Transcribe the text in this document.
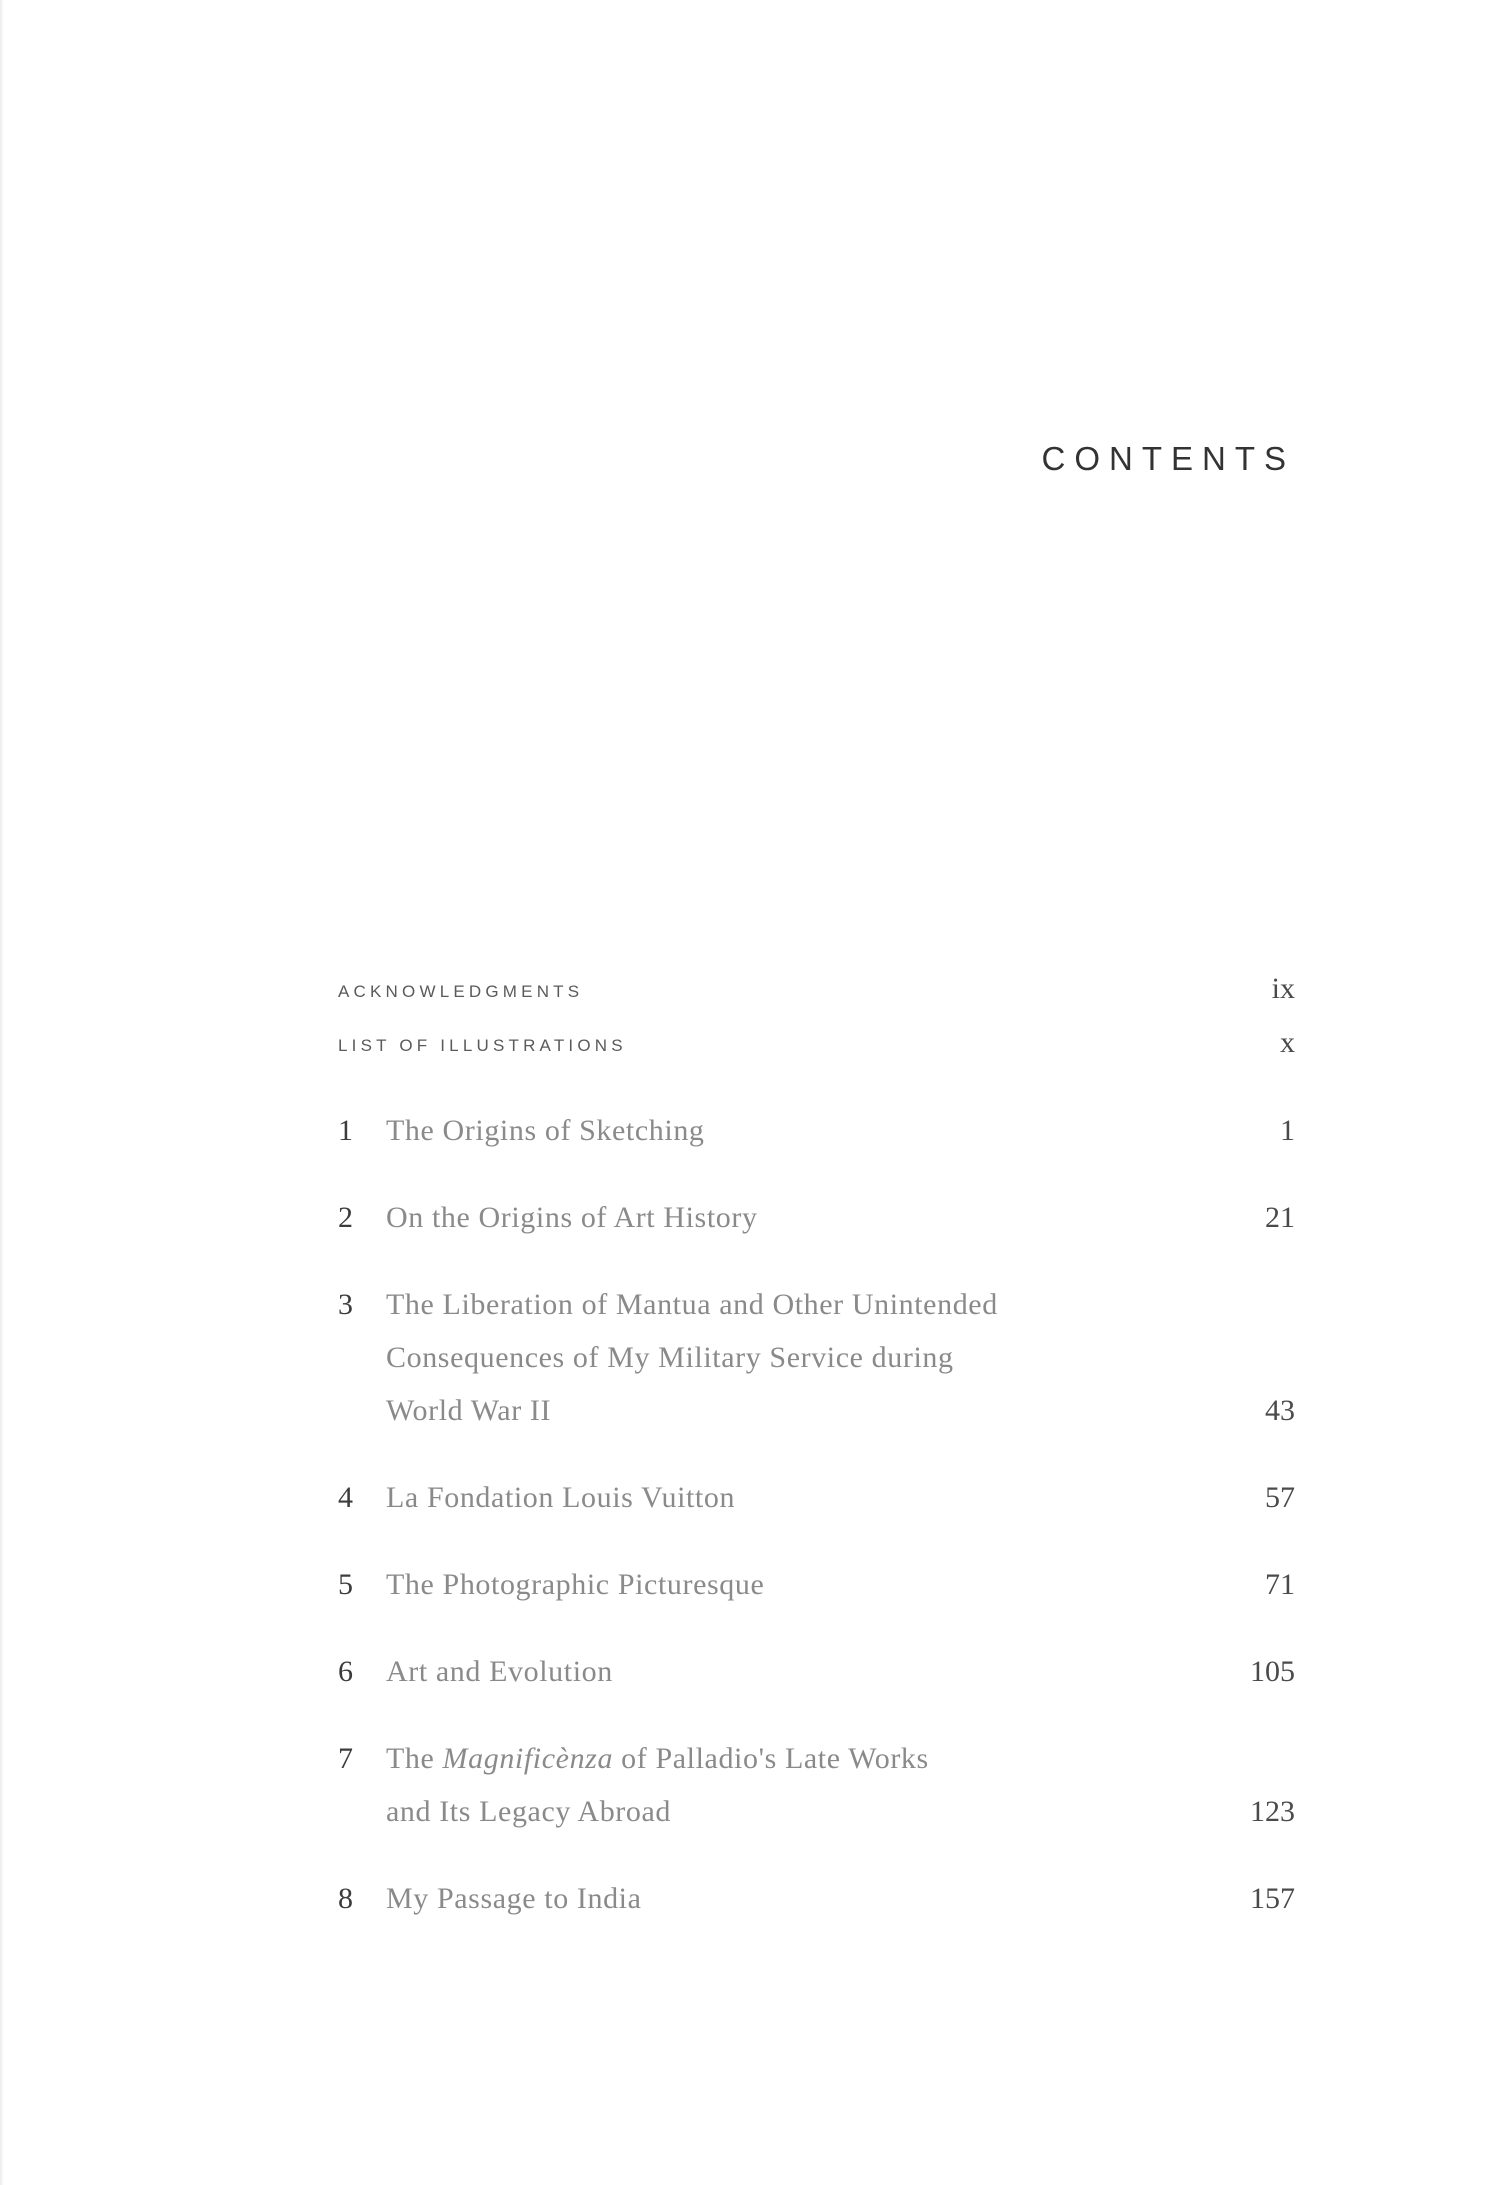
CONTENTS
ACKNOWLEDGMENTS	ix
LIST OF ILLUSTRATIONS	x
1 The Origins of Sketching	1
2 On the Origins of Art History	21
3 The Liberation of Mantua and Other Unintended
Consequences of My Military Service during
World War II	43
4 La Fondation Louis Vuitton	57
5 The Photographic Picturesque	71
6 Art and Evolution	105
7 The Magnificènza of Palladio's Late Works
and Its Legacy Abroad	123
8 My Passage to India	157
